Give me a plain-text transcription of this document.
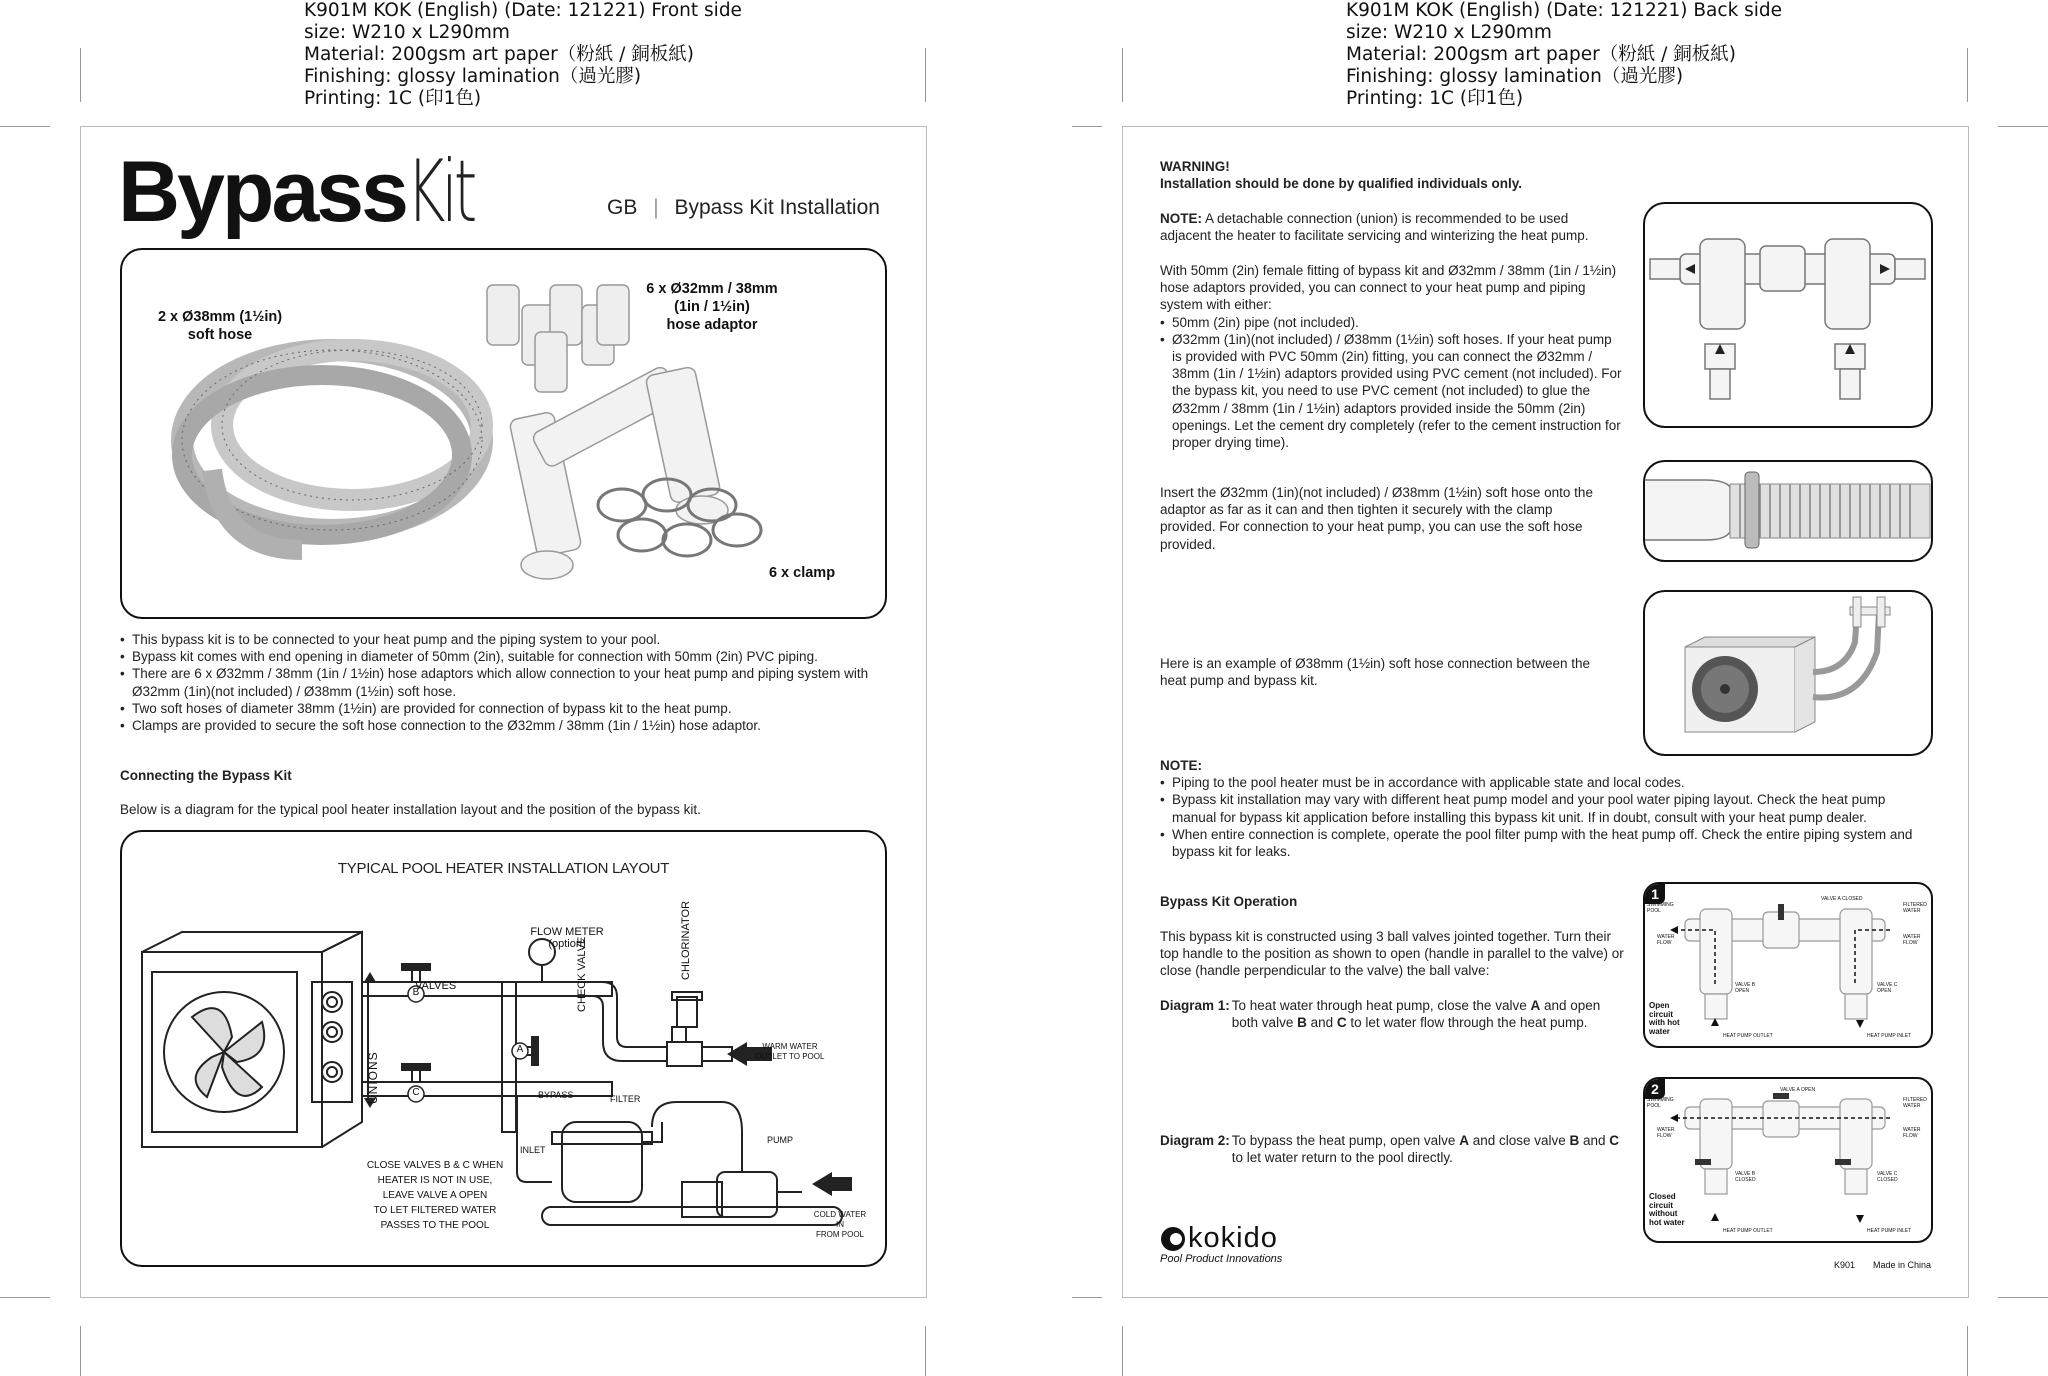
K901M KOK (English) (Date: 121221) Front side
size: W210 x L290mm
Material: 200gsm art paper（粉紙 / 銅板紙)
Finishing: glossy lamination（過光膠)
Printing: 1C (印1色)
K901M KOK (English) (Date: 121221) Back side
size: W210 x L290mm
Material: 200gsm art paper（粉紙 / 銅板紙)
Finishing: glossy lamination（過光膠)
Printing: 1C (印1色)
BypassKit	GB | Bypass Kit Installation
2 x Ø38mm (1½in)
soft hose
6 x Ø32mm / 38mm
(1in / 1½in)
hose adaptor
6 x clamp
• This bypass kit is to be connected to your heat pump and the piping system to your pool.
• Bypass kit comes with end opening in diameter of 50mm (2in), suitable for connection with 50mm (2in) PVC piping.
• There are 6 x Ø32mm / 38mm (1in / 1½in) hose adaptors which allow connection to your heat pump and piping system with Ø32mm (1in)(not included) / Ø38mm (1½in) soft hose.
• Two soft hoses of diameter 38mm (1½in) are provided for connection of bypass kit to the heat pump.
• Clamps are provided to secure the soft hose connection to the Ø32mm / 38mm (1in / 1½in) hose adaptor.
Connecting the Bypass Kit
Below is a diagram for the typical pool heater installation layout and the position of the bypass kit.
TYPICAL POOL HEATER INSTALLATION LAYOUT
VALVES
FLOW METER
(option)
CHECK VALVE	CHLORINATOR
UNIONS
WARM WATER
OUTLET TO POOL
BYPASS	FILTER
INLET
PUMP
COLD WATER IN
FROM POOL
CLOSE VALVES B & C WHEN
HEATER IS NOT IN USE,
LEAVE VALVE A OPEN
TO LET FILTERED WATER
PASSES TO THE POOL
B
C
A
WARNING!
Installation should be done by qualified individuals only.
NOTE: A detachable connection (union) is recommended to be used adjacent the heater to facilitate servicing and winterizing the heat pump.
With 50mm (2in) female fitting of bypass kit and Ø32mm / 38mm (1in / 1½in) hose adaptors provided, you can connect to your heat pump and piping system with either:
• 50mm (2in) pipe (not included).
• Ø32mm (1in)(not included) / Ø38mm (1½in) soft hoses. If your heat pump is provided with PVC 50mm (2in) fitting, you can connect the Ø32mm / 38mm (1in / 1½in) adaptors provided using PVC cement (not included). For the bypass kit, you need to use PVC cement (not included) to glue the Ø32mm / 38mm (1in / 1½in) adaptors provided inside the 50mm (2in) openings. Let the cement dry completely (refer to the cement instruction for proper drying time).
Insert the Ø32mm (1in)(not included) / Ø38mm (1½in) soft hose onto the adaptor as far as it can and then tighten it securely with the clamp provided. For connection to your heat pump, you can use the soft hose provided.
Here is an example of Ø38mm (1½in) soft hose connection between the heat pump and bypass kit.
NOTE:
• Piping to the pool heater must be in accordance with applicable state and local codes.
• Bypass kit installation may vary with different heat pump model and your pool water piping layout. Check the heat pump manual for bypass kit application before installing this bypass kit unit. If in doubt, consult with your heat pump dealer.
• When entire connection is complete, operate the pool filter pump with the heat pump off. Check the entire piping system and bypass kit for leaks.
Bypass Kit Operation
This bypass kit is constructed using 3 ball valves jointed together. Turn their top handle to the position as shown to open (handle in parallel to the valve) or close (handle perpendicular to the valve) the ball valve:
Diagram 1: To heat water through heat pump, close the valve A and open both valve B and C to let water flow through the heat pump.
Diagram 2: To bypass the heat pump, open valve A and close valve B and C to let water return to the pool directly.
1
SWIMMING
POOL
FILTERED
WATER
WATER
FLOW
WATER
FLOW
VALVE A CLOSED
VALVE B
OPEN
VALVE C
OPEN
Open
circuit
with hot
water
HEAT PUMP OUTLET	HEAT PUMP INLET
2
SWIMMING
POOL
FILTERED
WATER
WATER
FLOW
WATER
FLOW
VALVE A OPEN
VALVE B
CLOSED
VALVE C
CLOSED
Closed
circuit
without
hot water
HEAT PUMP OUTLET	HEAT PUMP INLET
kokido
Pool Product Innovations	K901 Made in China
